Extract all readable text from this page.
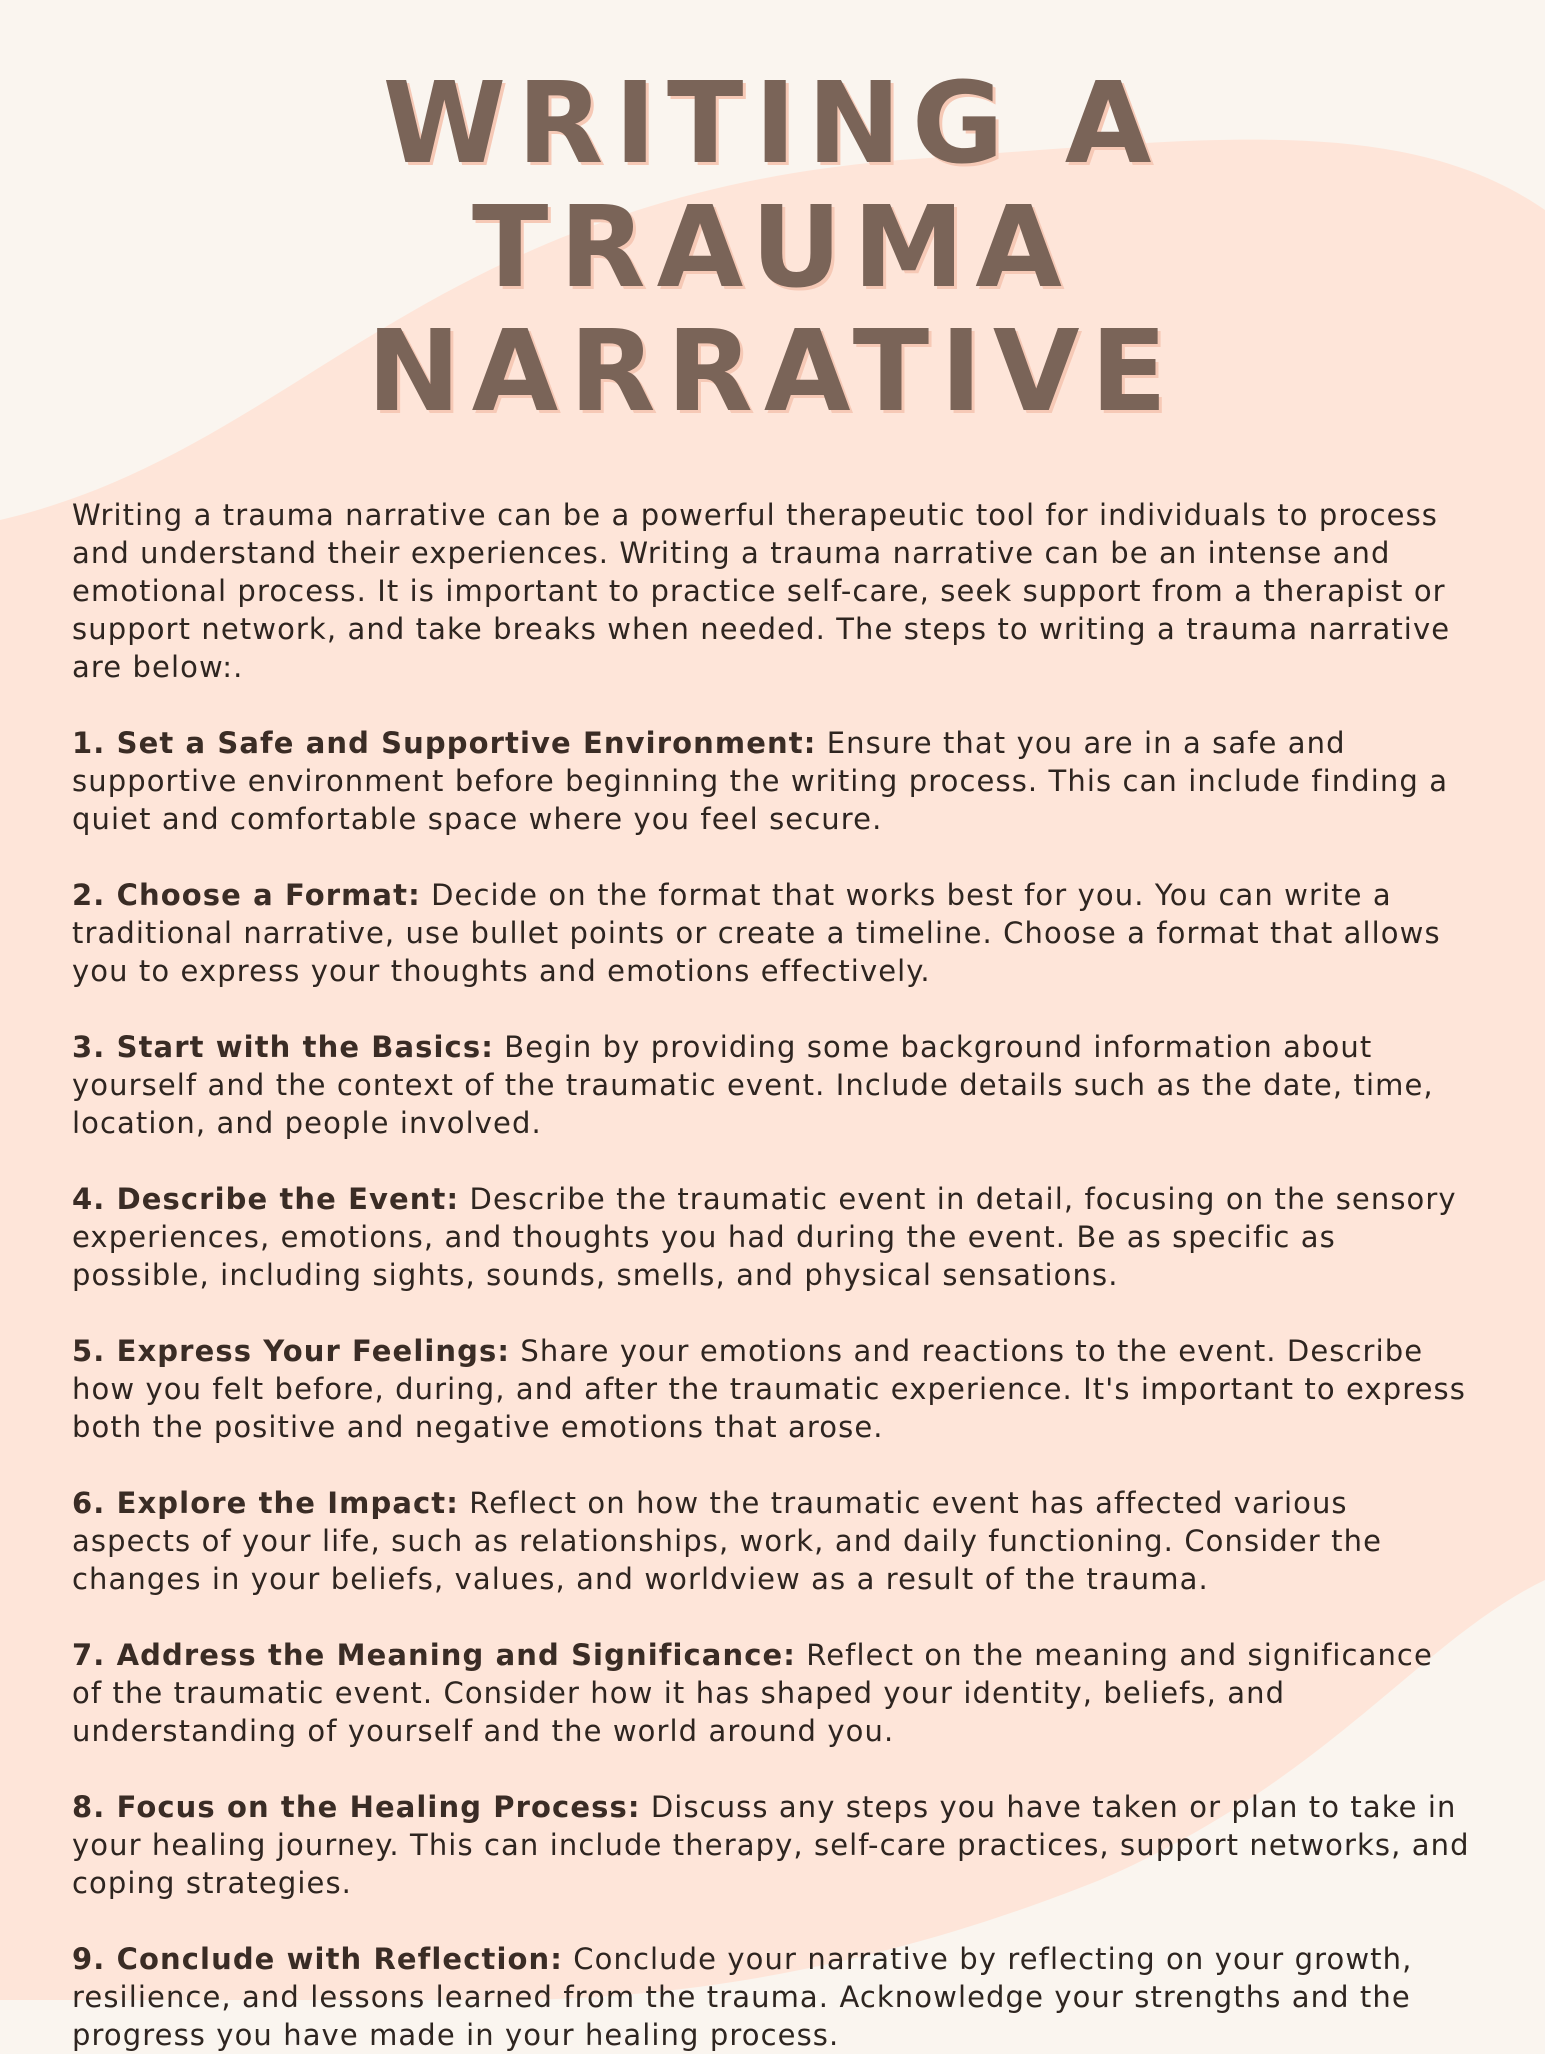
WRITING A TRAUMA
NARRATIVE

Writing a trauma narrative can be a powerful therapeutic tool for individuals to process and understand their experiences. Writing a trauma narrative can be an intense and emotional process. It is important to practice self-care, seek support from a therapist or support network, and take breaks when needed. The steps to writing a trauma narrative are below:.

1. Set a Safe and Supportive Environment: Ensure that you are in a safe and supportive environment before beginning the writing process. This can include finding a quiet and comfortable space where you feel secure.

2. Choose a Format: Decide on the format that works best for you. You can write a traditional narrative, use bullet points or create a timeline. Choose a format that allows you to express your thoughts and emotions effectively.

3. Start with the Basics: Begin by providing some background information about yourself and the context of the traumatic event. Include details such as the date, time, location, and people involved.

4. Describe the Event: Describe the traumatic event in detail, focusing on the sensory experiences, emotions, and thoughts you had during the event. Be as specific as possible, including sights, sounds, smells, and physical sensations.

5. Express Your Feelings: Share your emotions and reactions to the event. Describe how you felt before, during, and after the traumatic experience. It's important to express both the positive and negative emotions that arose.

6. Explore the Impact: Reflect on how the traumatic event has affected various aspects of your life, such as relationships, work, and daily functioning. Consider the changes in your beliefs, values, and worldview as a result of the trauma.

7. Address the Meaning and Significance: Reflect on the meaning and significance of the traumatic event. Consider how it has shaped your identity, beliefs, and understanding of yourself and the world around you.

8. Focus on the Healing Process: Discuss any steps you have taken or plan to take in your healing journey. This can include therapy, self-care practices, support networks, and coping strategies.

9. Conclude with Reflection: Conclude your narrative by reflecting on your growth, resilience, and lessons learned from the trauma. Acknowledge your strengths and the progress you have made in your healing process.
